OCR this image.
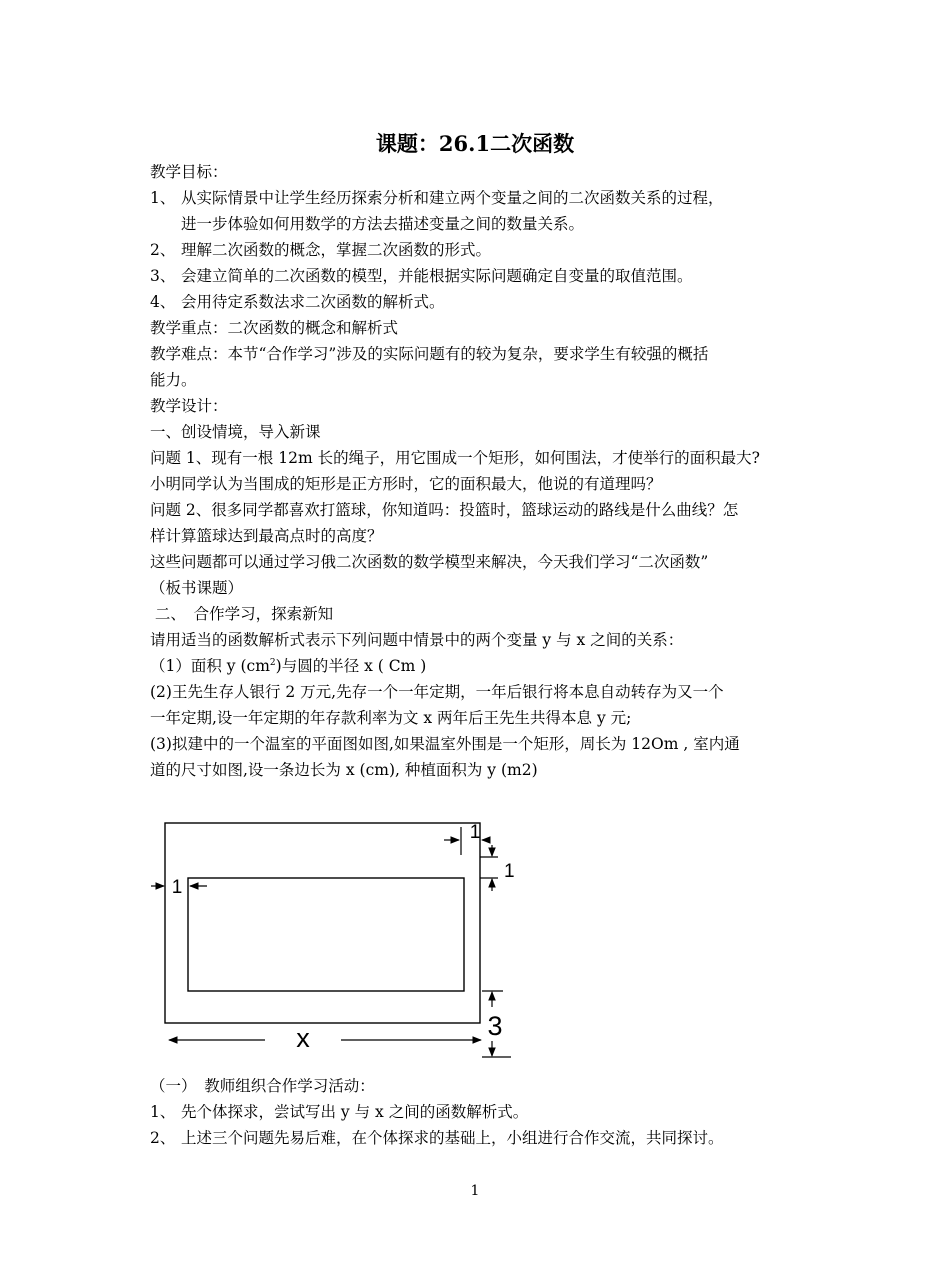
课题：26.1二次函数
教学目标：
1、 从实际情景中让学生经历探索分析和建立两个变量之间的二次函数关系的过程，
进一步体验如何用数学的方法去描述变量之间的数量关系。
2、 理解二次函数的概念，掌握二次函数的形式。
3、 会建立简单的二次函数的模型，并能根据实际问题确定自变量的取值范围。
4、 会用待定系数法求二次函数的解析式。
教学重点：二次函数的概念和解析式
教学难点：本节“合作学习”涉及的实际问题有的较为复杂，要求学生有较强的概括
能力。
教学设计：
一、创设情境，导入新课
问题 1、现有一根 12m 长的绳子，用它围成一个矩形，如何围法，才使举行的面积最大?
小明同学认为当围成的矩形是正方形时，它的面积最大，他说的有道理吗？
问题 2、很多同学都喜欢打篮球，你知道吗：投篮时，篮球运动的路线是什么曲线？怎
样计算篮球达到最高点时的高度？
这些问题都可以通过学习俄二次函数的数学模型来解决，今天我们学习“二次函数”
（板书课题）
二、　合作学习，探索新知
请用适当的函数解析式表示下列问题中情景中的两个变量 y 与 x 之间的关系：
（1）面积 y $(cm^2)$与圆的半径 x ( Cm )
(2)王先生存人银行 2 万元,先存一个一年定期，一年后银行将本息自动转存为又一个
一年定期,设一年定期的年存款利率为文 x 两年后王先生共得本息 y 元;
(3)拟建中的一个温室的平面图如图,如果温室外围是一个矩形，周长为 12Om , 室内通
道的尺寸如图,设一条边长为 x (cm), 种植面积为 y (m2)
1
1
1
3
x
（一）　教师组织合作学习活动：
1、 先个体探求，尝试写出 y 与 x 之间的函数解析式。
2、 上述三个问题先易后难，在个体探求的基础上，小组进行合作交流，共同探讨。
1
